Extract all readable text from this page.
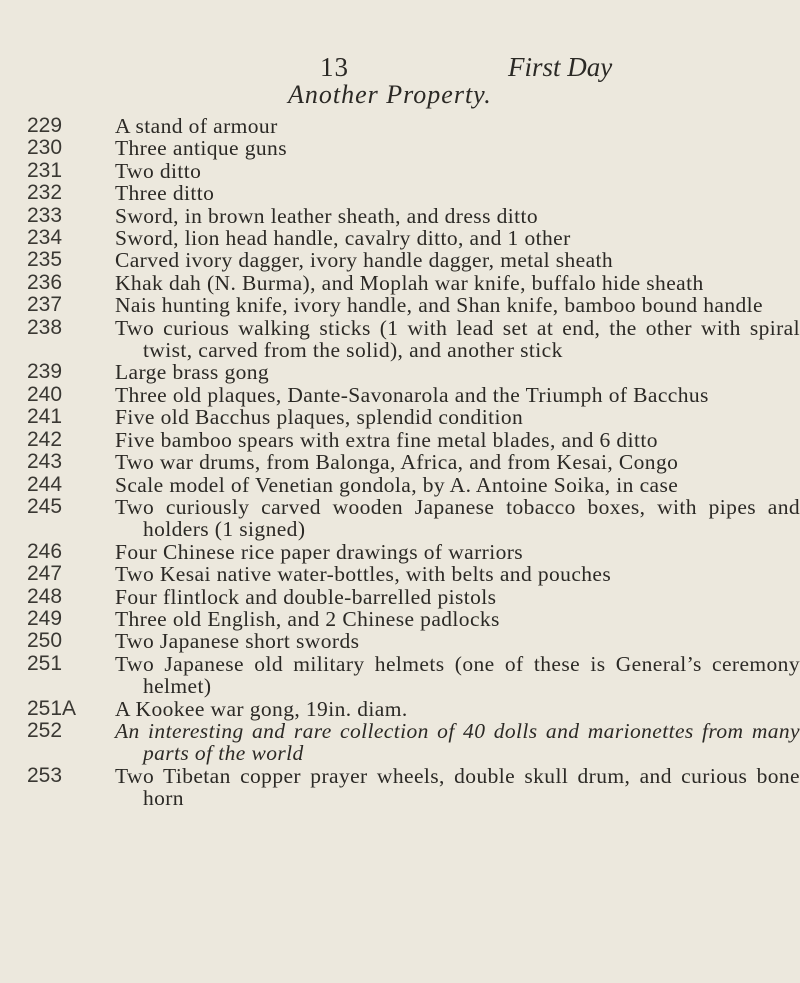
13	First Day
Another Property.
229	A stand of armour
230	Three antique guns
231	Two ditto
232	Three ditto
233	Sword, in brown leather sheath, and dress ditto
234	Sword, lion head handle, cavalry ditto, and 1 other
235	Carved ivory dagger, ivory handle dagger, metal sheath
236	Khak dah (N. Burma), and Moplah war knife, buffalo hide sheath
237	Nais hunting knife, ivory handle, and Shan knife, bamboo bound handle
238	Two curious walking sticks (1 with lead set at end, the other with spiral twist, carved from the solid), and another stick
239	Large brass gong
240	Three old plaques, Dante-Savonarola and the Triumph of Bacchus
241	Five old Bacchus plaques, splendid condition
242	Five bamboo spears with extra fine metal blades, and 6 ditto
243	Two war drums, from Balonga, Africa, and from Kesai, Congo
244	Scale model of Venetian gondola, by A. Antoine Soika, in case
245	Two curiously carved wooden Japanese tobacco boxes, with pipes and holders (1 signed)
246	Four Chinese rice paper drawings of warriors
247	Two Kesai native water-bottles, with belts and pouches
248	Four flintlock and double-barrelled pistols
249	Three old English, and 2 Chinese padlocks
250	Two Japanese short swords
251	Two Japanese old military helmets (one of these is General’s ceremony helmet)
251A	A Kookee war gong, 19in. diam.
252	An interesting and rare collection of 40 dolls and marionettes from many parts of the world
253	Two Tibetan copper prayer wheels, double skull drum, and curious bone horn
